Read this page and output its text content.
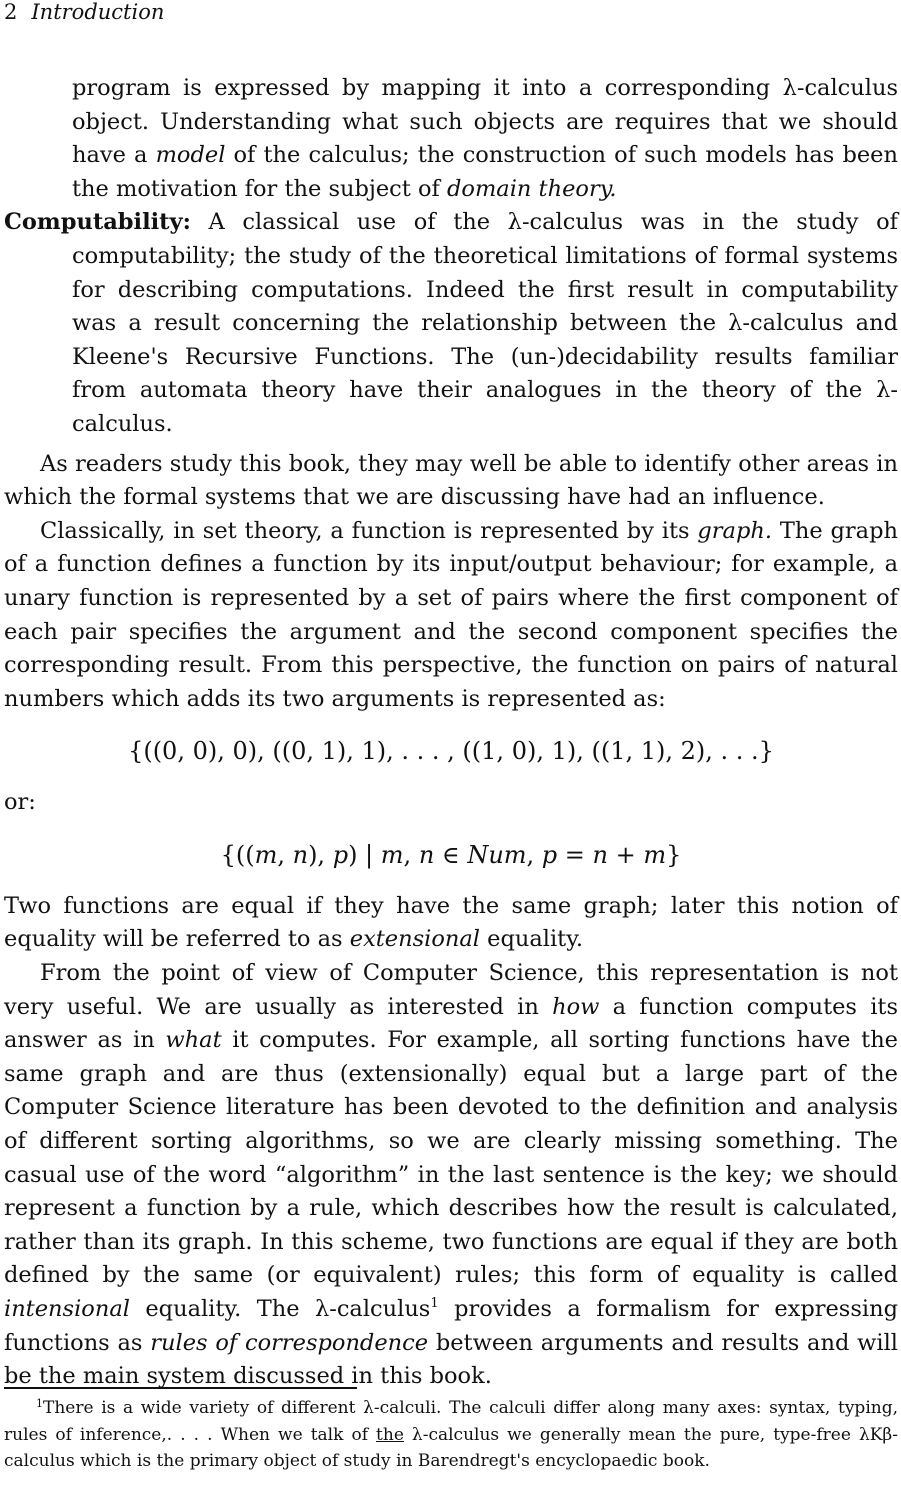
2 Introduction
program is expressed by mapping it into a corresponding λ-calculus object. Understanding what such objects are requires that we should have a model of the calculus; the construction of such models has been the motivation for the subject of domain theory.
Computability: A classical use of the λ-calculus was in the study of computability; the study of the theoretical limitations of formal systems for describing computations. Indeed the first result in computability was a result concerning the relationship between the λ-calculus and Kleene's Recursive Functions. The (un-)decidability results familiar from automata theory have their analogues in the theory of the λ-calculus.
As readers study this book, they may well be able to identify other areas in which the formal systems that we are discussing have had an influence.
Classically, in set theory, a function is represented by its graph. The graph of a function defines a function by its input/output behaviour; for example, a unary function is represented by a set of pairs where the first component of each pair specifies the argument and the second component specifies the corresponding result. From this perspective, the function on pairs of natural numbers which adds its two arguments is represented as:
{((0, 0), 0), ((0, 1), 1), . . . , ((1, 0), 1), ((1, 1), 2), . . .}
or:
{((m, n), p) | m, n ∈ Num, p = n + m}
Two functions are equal if they have the same graph; later this notion of equality will be referred to as extensional equality.
From the point of view of Computer Science, this representation is not very useful. We are usually as interested in how a function computes its answer as in what it computes. For example, all sorting functions have the same graph and are thus (extensionally) equal but a large part of the Computer Science literature has been devoted to the definition and analysis of different sorting algorithms, so we are clearly missing something. The casual use of the word “algorithm” in the last sentence is the key; we should represent a function by a rule, which describes how the result is calculated, rather than its graph. In this scheme, two functions are equal if they are both defined by the same (or equivalent) rules; this form of equality is called intensional equality. The λ-calculus$^1$ provides a formalism for expressing functions as rules of correspondence between arguments and results and will be the main system discussed in this book.
$^1$There is a wide variety of different λ-calculi. The calculi differ along many axes: syntax, typing, rules of inference,. . . . When we talk of the λ-calculus we generally mean the pure, type-free λKβ-calculus which is the primary object of study in Barendregt's encyclopaedic book.
